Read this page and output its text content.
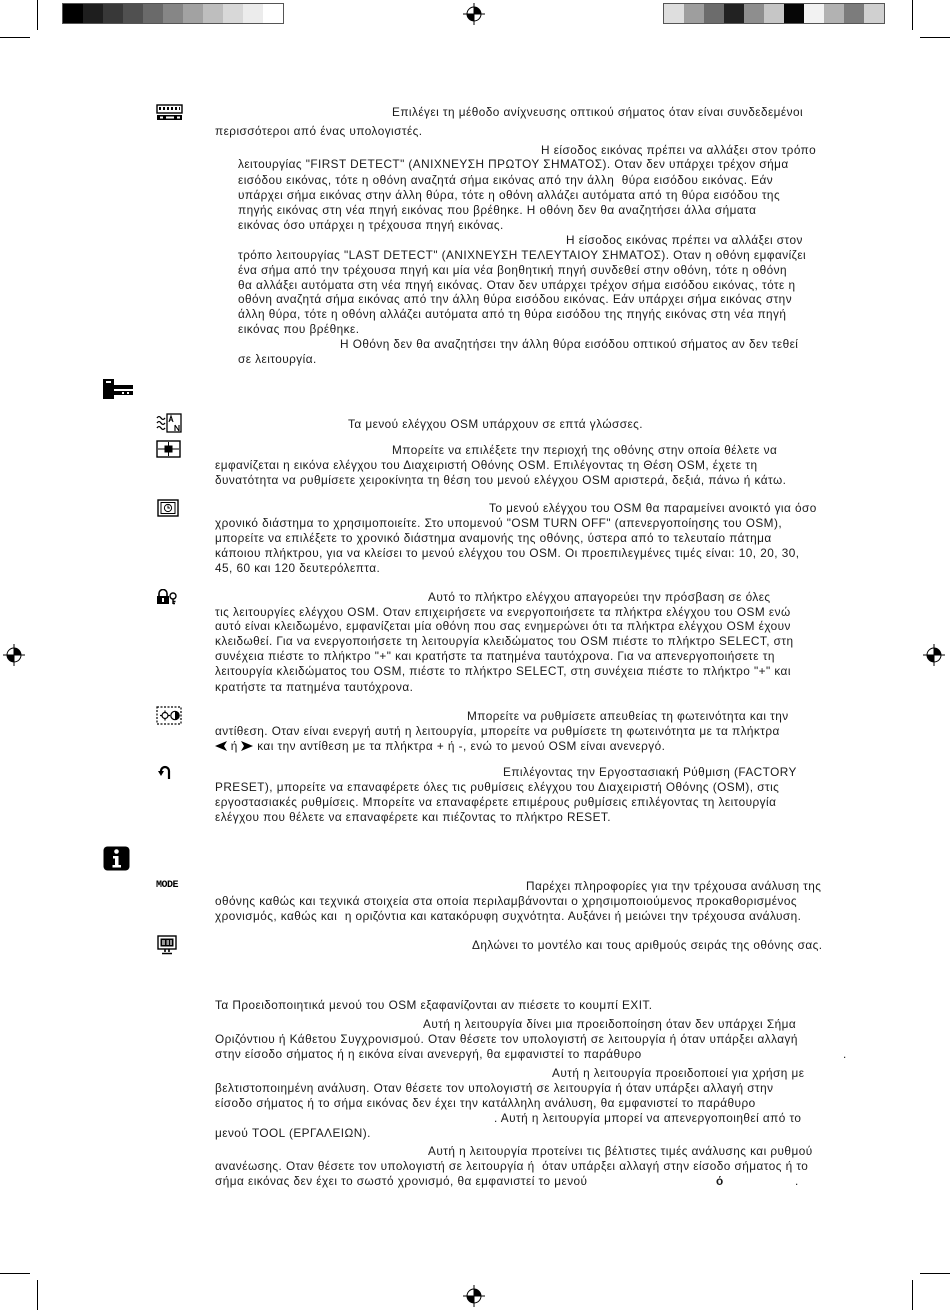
Επιλέγει τη μέθοδο ανίχνευσης οπτικού σήματος όταν είναι συνδεδεμένοι
περισσότεροι από ένας υπολογιστές.
Η είσοδος εικόνας πρέπει να αλλάξει στον τρόπο
λειτουργίας "FIRST DETECT" (ΑΝΙΧΝΕΥΣΗ ΠΡΩΤΟΥ ΣΗΜΑΤΟΣ). Οταν δεν υπάρχει τρέχον σήμα
εισόδου εικόνας, τότε η οθόνη αναζητά σήμα εικόνας από την άλλη  θύρα εισόδου εικόνας. Εάν
υπάρχει σήμα εικόνας στην άλλη θύρα, τότε η οθόνη αλλάζει αυτόματα από τη θύρα εισόδου της
πηγής εικόνας στη νέα πηγή εικόνας που βρέθηκε. Η οθόνη δεν θα αναζητήσει άλλα σήματα
εικόνας όσο υπάρχει η τρέχουσα πηγή εικόνας.
Η είσοδος εικόνας πρέπει να αλλάξει στον
τρόπο λειτουργίας "LAST DETECT" (ΑΝΙΧΝΕΥΣΗ ΤΕΛΕΥΤΑΙΟΥ ΣΗΜΑΤΟΣ). Οταν η οθόνη εμφανίζει
ένα σήμα από την τρέχουσα πηγή και μία νέα βοηθητική πηγή συνδεθεί στην οθόνη, τότε η οθόνη
θα αλλάξει αυτόματα στη νέα πηγή εικόνας. Οταν δεν υπάρχει τρέχον σήμα εισόδου εικόνας, τότε η
οθόνη αναζητά σήμα εικόνας από την άλλη θύρα εισόδου εικόνας. Εάν υπάρχει σήμα εικόνας στην
άλλη θύρα, τότε η οθόνη αλλάζει αυτόματα από τη θύρα εισόδου της πηγής εικόνας στη νέα πηγή
εικόνας που βρέθηκε.
Η Οθόνη δεν θα αναζητήσει την άλλη θύρα εισόδου οπτικού σήματος αν δεν τεθεί
σε λειτουργία.
Τα μενού ελέγχου OSM υπάρχουν σε επτά γλώσσες.
Μπορείτε να επιλέξετε την περιοχή της οθόνης στην οποία θέλετε να
εμφανίζεται η εικόνα ελέγχου του Διαχειριστή Οθόνης OSM. Επιλέγοντας τη Θέση OSM, έχετε τη
δυνατότητα να ρυθμίσετε χειροκίνητα τη θέση του μενού ελέγχου OSM αριστερά, δεξιά, πάνω ή κάτω.
Το μενού ελέγχου του OSM θα παραμείνει ανοικτό για όσο
χρονικό διάστημα το χρησιμοποιείτε. Στο υπομενού "OSM TURN OFF" (απενεργοποίησης του OSM),
μπορείτε να επιλέξετε το χρονικό διάστημα αναμονής της οθόνης, ύστερα από το τελευταίο πάτημα
κάποιου πλήκτρου, για να κλείσει το μενού ελέγχου του OSM. Οι προεπιλεγμένες τιμές είναι: 10, 20, 30,
45, 60 και 120 δευτερόλεπτα.
Αυτό το πλήκτρο ελέγχου απαγορεύει την πρόσβαση σε όλες
τις λειτουργίες ελέγχου OSM. Οταν επιχειρήσετε να ενεργοποιήσετε τα πλήκτρα ελέγχου του OSM ενώ
αυτό είναι κλειδωμένο, εμφανίζεται μία οθόνη που σας ενημερώνει ότι τα πλήκτρα ελέγχου OSM έχουν
κλειδωθεί. Για να ενεργοποιήσετε τη λειτουργία κλειδώματος του OSM πιέστε το πλήκτρο SELECT, στη
συνέχεια πιέστε το πλήκτρο "+" και κρατήστε τα πατημένα ταυτόχρονα. Για να απενεργοποιήσετε τη
λειτουργία κλειδώματος του OSM, πιέστε το πλήκτρο SELECT, στη συνέχεια πιέστε το πλήκτρο "+" και
κρατήστε τα πατημένα ταυτόχρονα.
Μπορείτε να ρυθμίσετε απευθείας τη φωτεινότητα και την
αντίθεση. Οταν είναι ενεργή αυτή η λειτουργία, μπορείτε να ρυθμίσετε τη φωτεινότητα με τα πλήκτρα
ή και την αντίθεση με τα πλήκτρα + ή -, ενώ το μενού OSM είναι ανενεργό.
Επιλέγοντας την Εργοστασιακή Ρύθμιση (FACTORY
PRESET), μπορείτε να επαναφέρετε όλες τις ρυθμίσεις ελέγχου του Διαχειριστή Οθόνης (OSM), στις
εργοστασιακές ρυθμίσεις. Μπορείτε να επαναφέρετε επιμέρους ρυθμίσεις επιλέγοντας τη λειτουργία
ελέγχου που θέλετε να επαναφέρετε και πιέζοντας το πλήκτρο RESET.
MODE	Παρέχει πληροφορίες για την τρέχουσα ανάλυση της
οθόνης καθώς και τεχνικά στοιχεία στα οποία περιλαμβάνονται ο χρησιμοποιούμενος προκαθορισμένος
χρονισμός, καθώς και  η οριζόντια και κατακόρυφη συχνότητα. Αυξάνει ή μειώνει την τρέχουσα ανάλυση.
Δηλώνει το μοντέλο και τους αριθμούς σειράς της οθόνης σας.
Τα Προειδοποιητικά μενού του OSM εξαφανίζονται αν πιέσετε το κουμπί EXIT.
Αυτή η λειτουργία δίνει μια προειδοποίηση όταν δεν υπάρχει Σήμα
Οριζόντιου ή Κάθετου Συγχρονισμού. Οταν θέσετε τον υπολογιστή σε λειτουργία ή όταν υπάρξει αλλαγή
στην είσοδο σήματος ή η εικόνα είναι ανενεργή, θα εμφανιστεί το παράθυρο	.
Αυτή η λειτουργία προειδοποιεί για χρήση με
βελτιστοποιημένη ανάλυση. Οταν θέσετε τον υπολογιστή σε λειτουργία ή όταν υπάρξει αλλαγή στην
είσοδο σήματος ή το σήμα εικόνας δεν έχει την κατάλληλη ανάλυση, θα εμφανιστεί το παράθυρο
. Αυτή η λειτουργία μπορεί να απενεργοποιηθεί από το
μενού TOOL (ΕΡΓΑΛΕΙΩΝ).
Αυτή η λειτουργία προτείνει τις βέλτιστες τιμές ανάλυσης και ρυθμού
ανανέωσης. Οταν θέσετε τον υπολογιστή σε λειτουργία ή  όταν υπάρξει αλλαγή στην είσοδο σήματος ή το
σήμα εικόνας δεν έχει το σωστό χρονισμό, θα εμφανιστεί το μενού	ό	.
